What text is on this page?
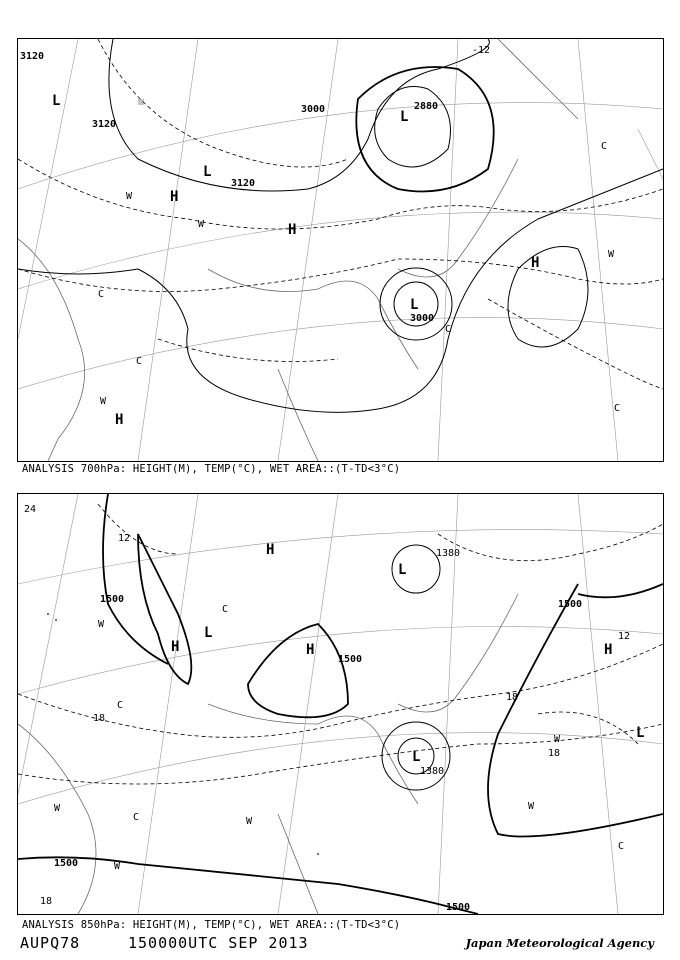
3000	2880
3120
3120
3120
3000
-12
L
L
L
L
H
H
H
H
W
W
W
W
C
C
C
C
C
ANALYSIS 700hPa: HEIGHT(M), TEMP(°C), WET AREA::(T-TD<3°C)
1500
1500
1500
1380
1380
1500
1500
24
12
12
18
18
18
18
L
L
L
L
H
H	H	H
W
W
W
W
W
W
C
C
C
C
ANALYSIS 850hPa: HEIGHT(M), TEMP(°C), WET AREA::(T-TD<3°C)
AUPQ78	150000UTC SEP 2013	Japan Meteorological Agency
